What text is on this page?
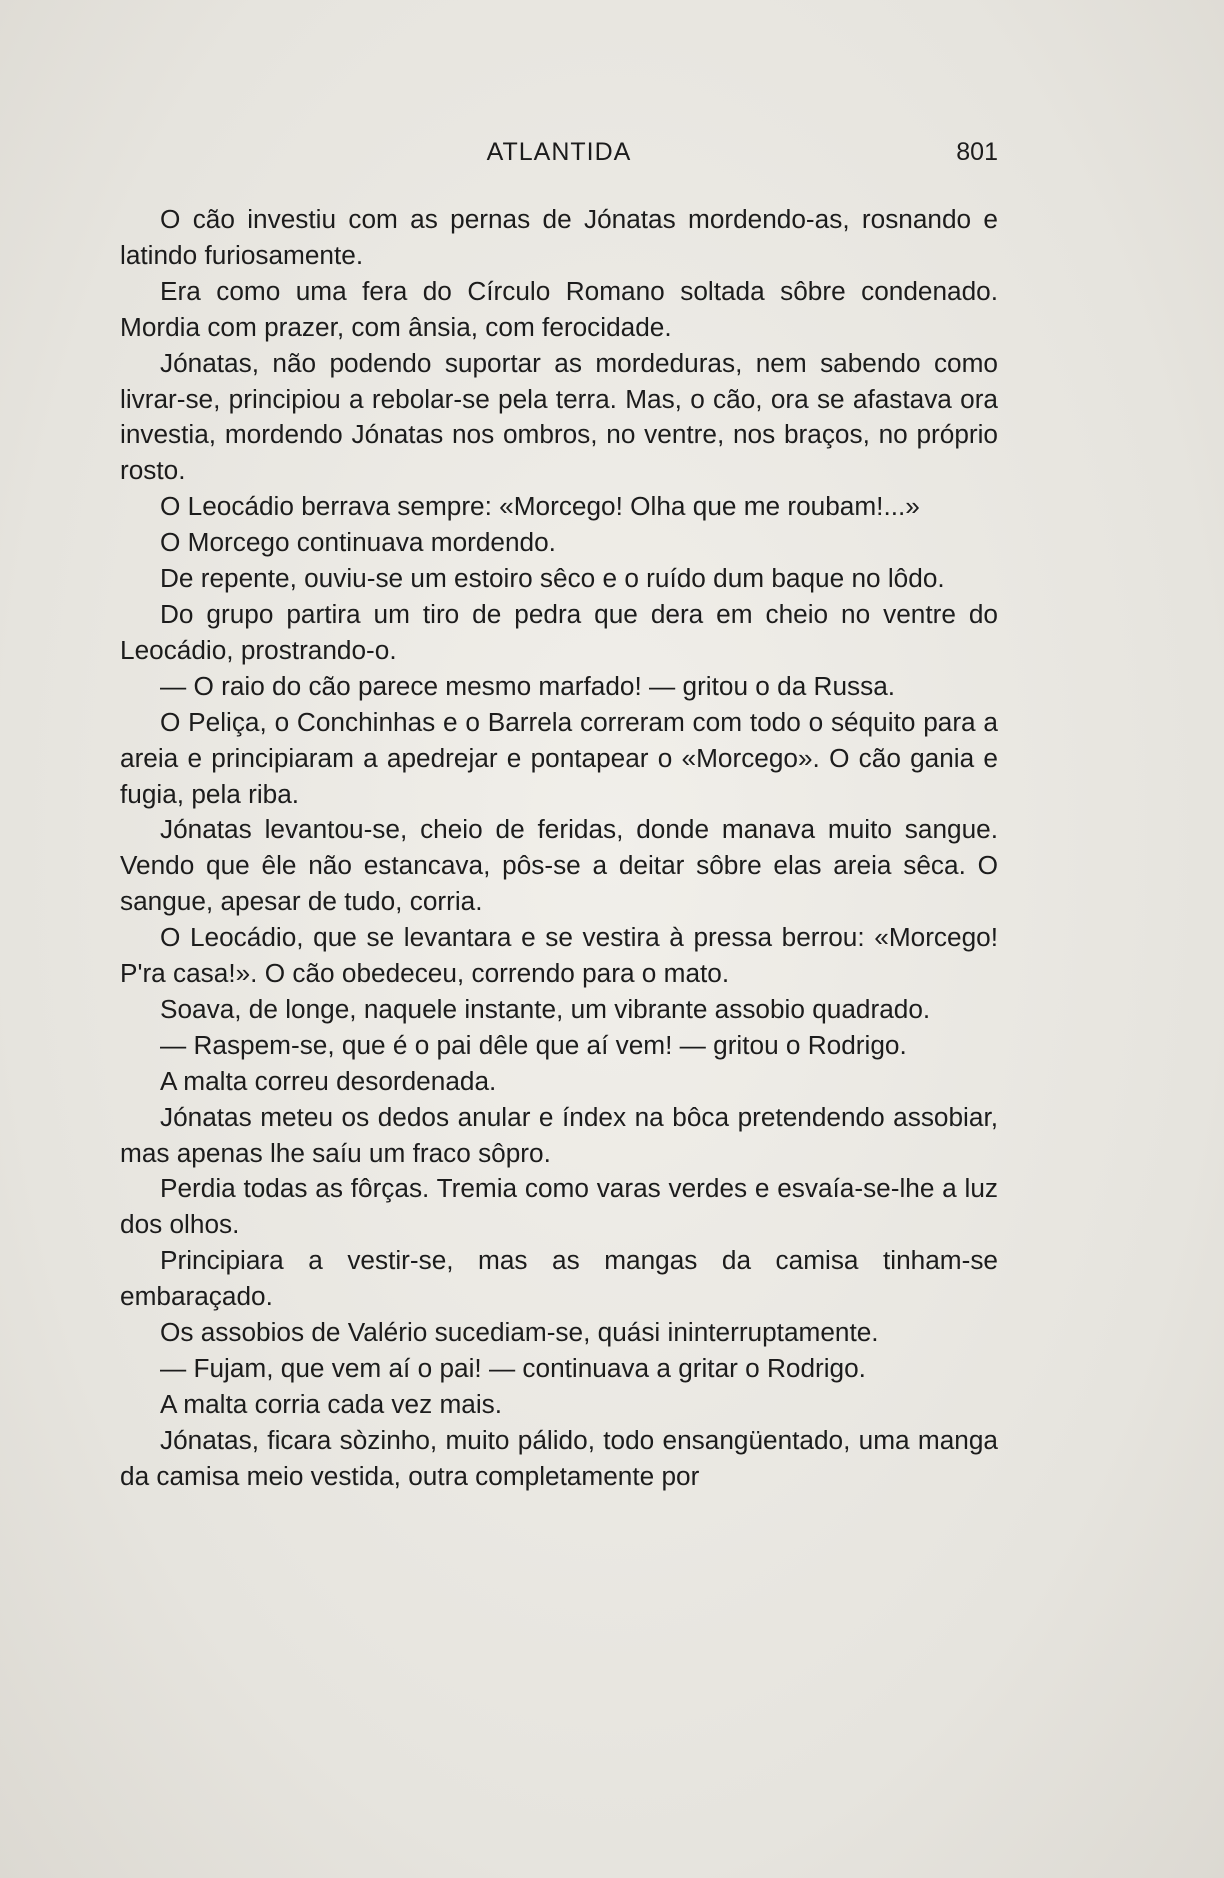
ATLANTIDA	801

O cão investiu com as pernas de Jónatas mordendo-as, rosnando e latindo furiosamente.

Era como uma fera do Círculo Romano soltada sôbre condenado. Mordia com prazer, com ânsia, com ferocidade.

Jónatas, não podendo suportar as mordeduras, nem sabendo como livrar-se, principiou a rebolar-se pela terra. Mas, o cão, ora se afastava ora investia, mordendo Jónatas nos ombros, no ventre, nos braços, no próprio rosto.

O Leocádio berrava sempre: «Morcego! Olha que me roubam!...»

O Morcego continuava mordendo.

De repente, ouviu-se um estoiro sêco e o ruído dum baque no lôdo.

Do grupo partira um tiro de pedra que dera em cheio no ventre do Leocádio, prostrando-o.

— O raio do cão parece mesmo marfado! — gritou o da Russa.

O Peliça, o Conchinhas e o Barrela correram com todo o séquito para a areia e principiaram a apedrejar e pontapear o «Morcego». O cão gania e fugia, pela riba.

Jónatas levantou-se, cheio de feridas, donde manava muito sangue. Vendo que êle não estancava, pôs-se a deitar sôbre elas areia sêca. O sangue, apesar de tudo, corria.

O Leocádio, que se levantara e se vestira à pressa berrou: «Morcego! P'ra casa!». O cão obedeceu, correndo para o mato.

Soava, de longe, naquele instante, um vibrante assobio quadrado.

— Raspem-se, que é o pai dêle que aí vem! — gritou o Rodrigo.

A malta correu desordenada.

Jónatas meteu os dedos anular e índex na bôca pretendendo assobiar, mas apenas lhe saíu um fraco sôpro.

Perdia todas as fôrças. Tremia como varas verdes e esvaía-se-lhe a luz dos olhos.

Principiara a vestir-se, mas as mangas da camisa tinham-se embaraçado.

Os assobios de Valério sucediam-se, quási ininterruptamente.

— Fujam, que vem aí o pai! — continuava a gritar o Rodrigo.

A malta corria cada vez mais.

Jónatas, ficara sòzinho, muito pálido, todo ensangüentado, uma manga da camisa meio vestida, outra completamente por
